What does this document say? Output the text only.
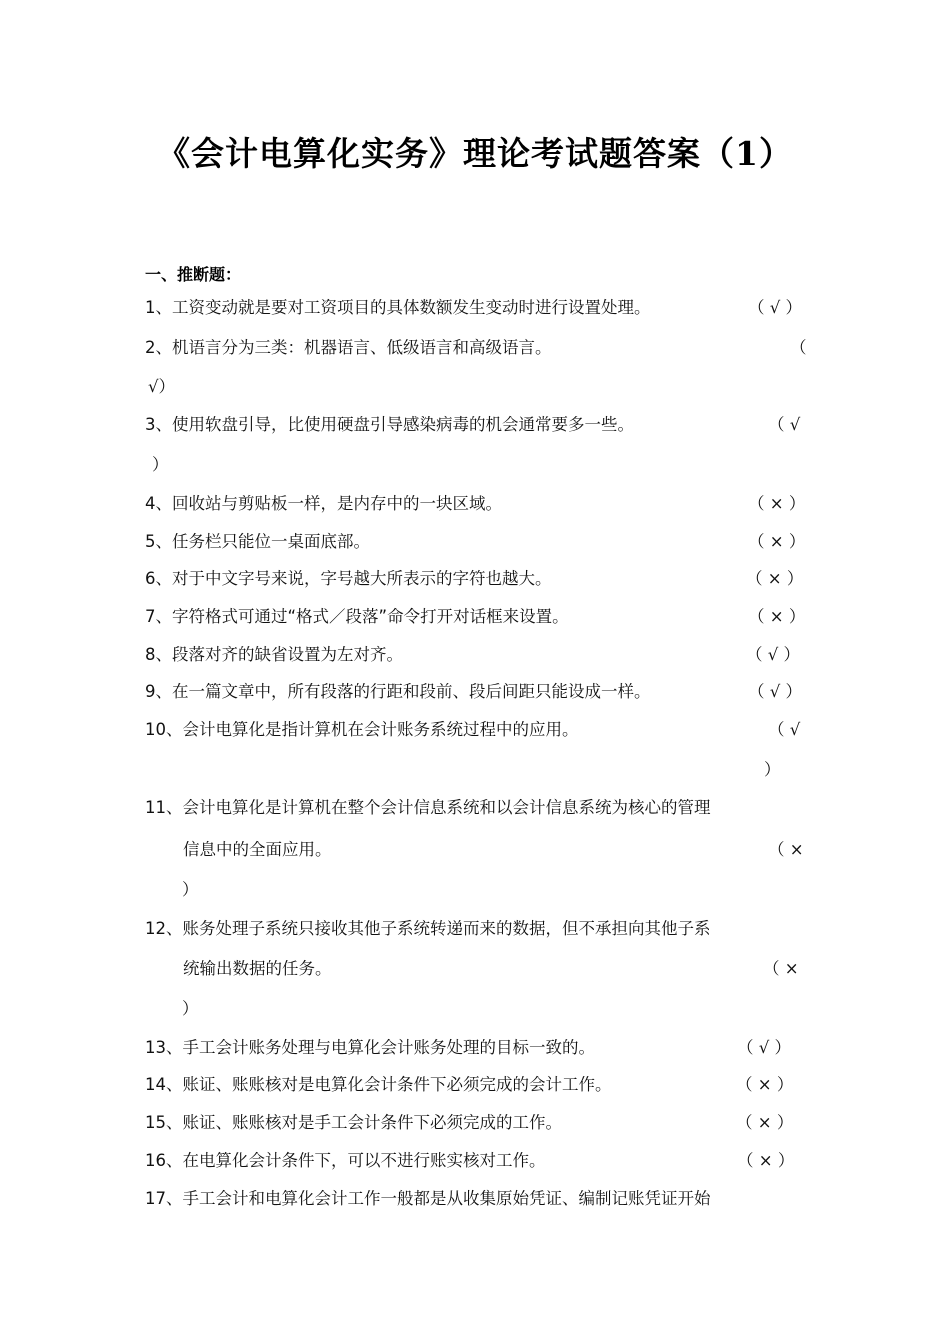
《会计电算化实务》理论考试题答案（1）
一、推断题：
1、工资变动就是要对工资项目的具体数额发生变动时进行设置处理。	（ √ ）
2、机语言分为三类：机器语言、低级语言和高级语言。	（
√）
3、使用软盘引导，比使用硬盘引导感染病毒的机会通常要多一些。	（ √
）
4、回收站与剪贴板一样，是内存中的一块区域。	（ × ）
5、任务栏只能位一桌面底部。	（ × ）
6、对于中文字号来说，字号越大所表示的字符也越大。	（ × ）
7、字符格式可通过“格式／段落”命令打开对话框来设置。	（ × ）
8、段落对齐的缺省设置为左对齐。	（ √ ）
9、在一篇文章中，所有段落的行距和段前、段后间距只能设成一样。	（ √ ）
10、会计电算化是指计算机在会计账务系统过程中的应用。	（ √
）
11、会计电算化是计算机在整个会计信息系统和以会计信息系统为核心的管理
信息中的全面应用。	（ ×
）
12、账务处理子系统只接收其他子系统转递而来的数据，但不承担向其他子系
统输出数据的任务。	（ ×
）
13、手工会计账务处理与电算化会计账务处理的目标一致的。	（ √ ）
14、账证、账账核对是电算化会计条件下必须完成的会计工作。	（ × ）
15、账证、账账核对是手工会计条件下必须完成的工作。	（ × ）
16、在电算化会计条件下，可以不进行账实核对工作。	（ × ）
17、手工会计和电算化会计工作一般都是从收集原始凭证、编制记账凭证开始
